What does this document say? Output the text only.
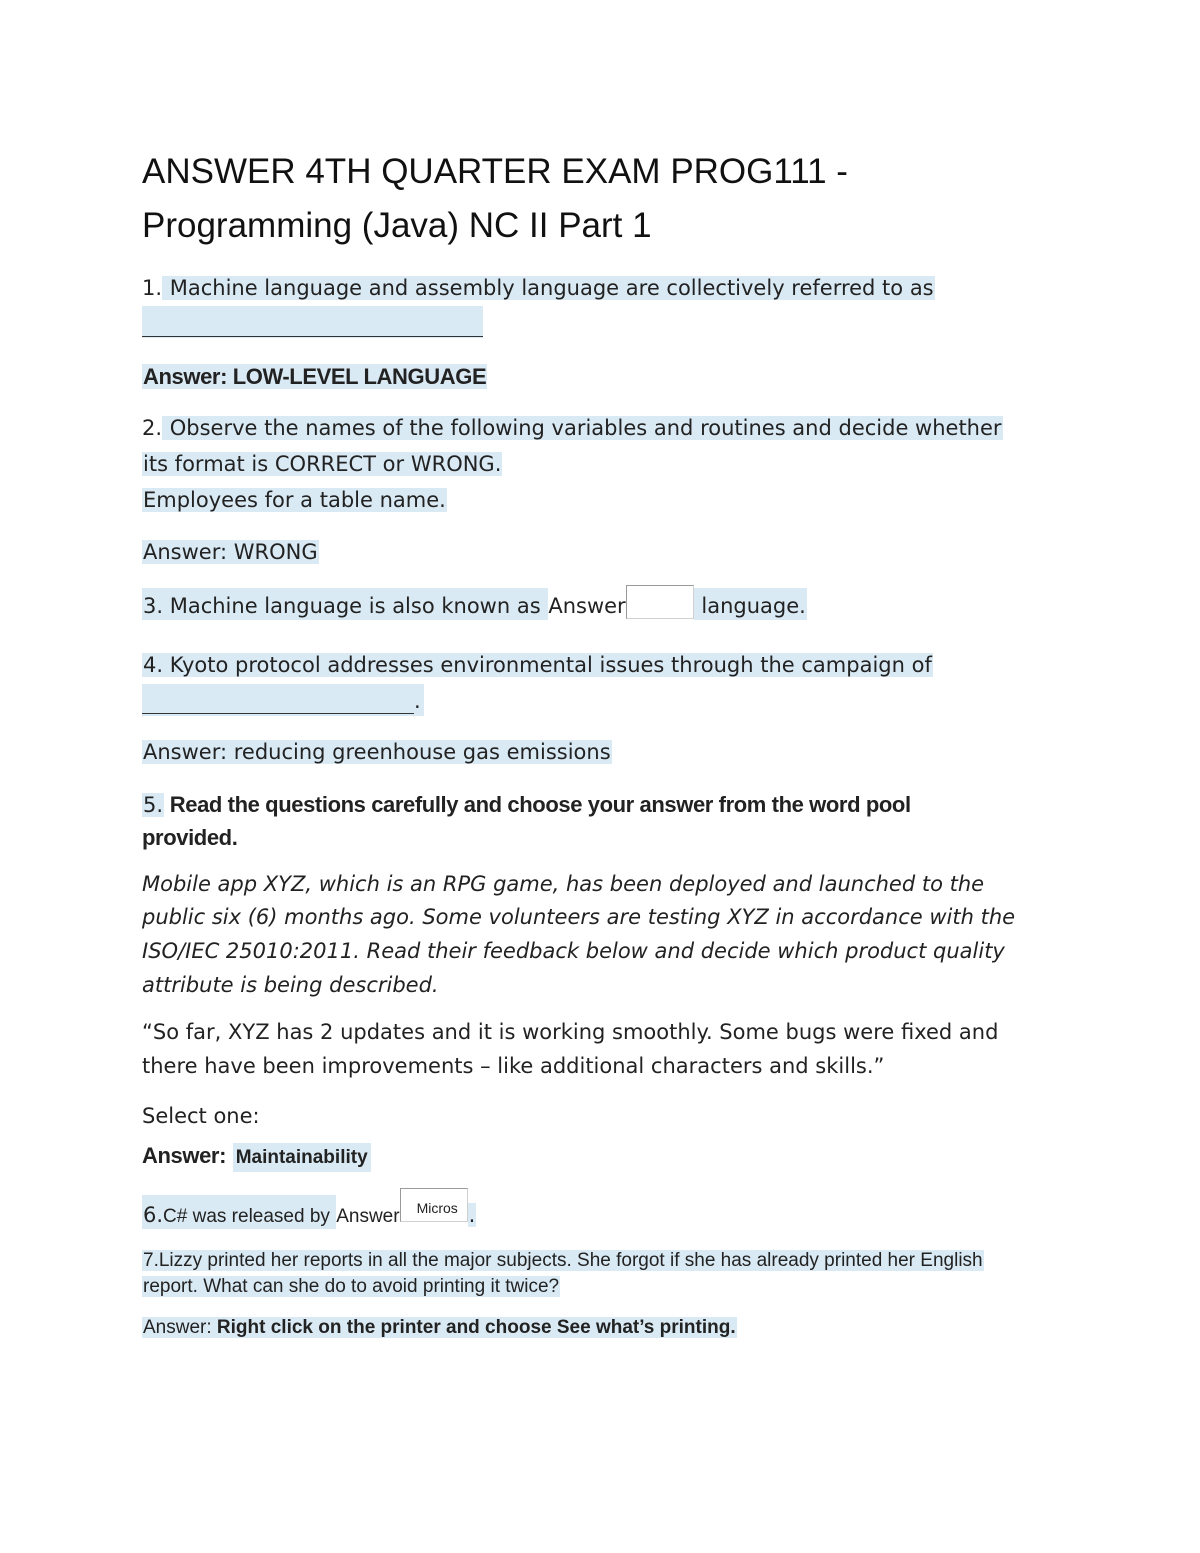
ANSWER 4TH QUARTER EXAM PROG111 -
Programming (Java) NC II Part 1
1. Machine language and assembly language are collectively referred to as
Answer: LOW-LEVEL LANGUAGE
2. Observe the names of the following variables and routines and decide whether
its format is CORRECT or WRONG.
Employees for a table name.
Answer: WRONG
3. Machine language is also known as Answer	language.
4. Kyoto protocol addresses environmental issues through the campaign of
.
Answer: reducing greenhouse gas emissions
5. Read the questions carefully and choose your answer from the word pool
provided.
Mobile app XYZ, which is an RPG game, has been deployed and launched to the
public six (6) months ago. Some volunteers are testing XYZ in accordance with the
ISO/IEC 25010:2011. Read their feedback below and decide which product quality
attribute is being described.
“So far, XYZ has 2 updates and it is working smoothly. Some bugs were fixed and
there have been improvements – like additional characters and skills.”
Select one:
Answer: Maintainability
6.C# was released by Answer Micros .
7.Lizzy printed her reports in all the major subjects. She forgot if she has already printed her English
report. What can she do to avoid printing it twice?
Answer: Right click on the printer and choose See what’s printing.
